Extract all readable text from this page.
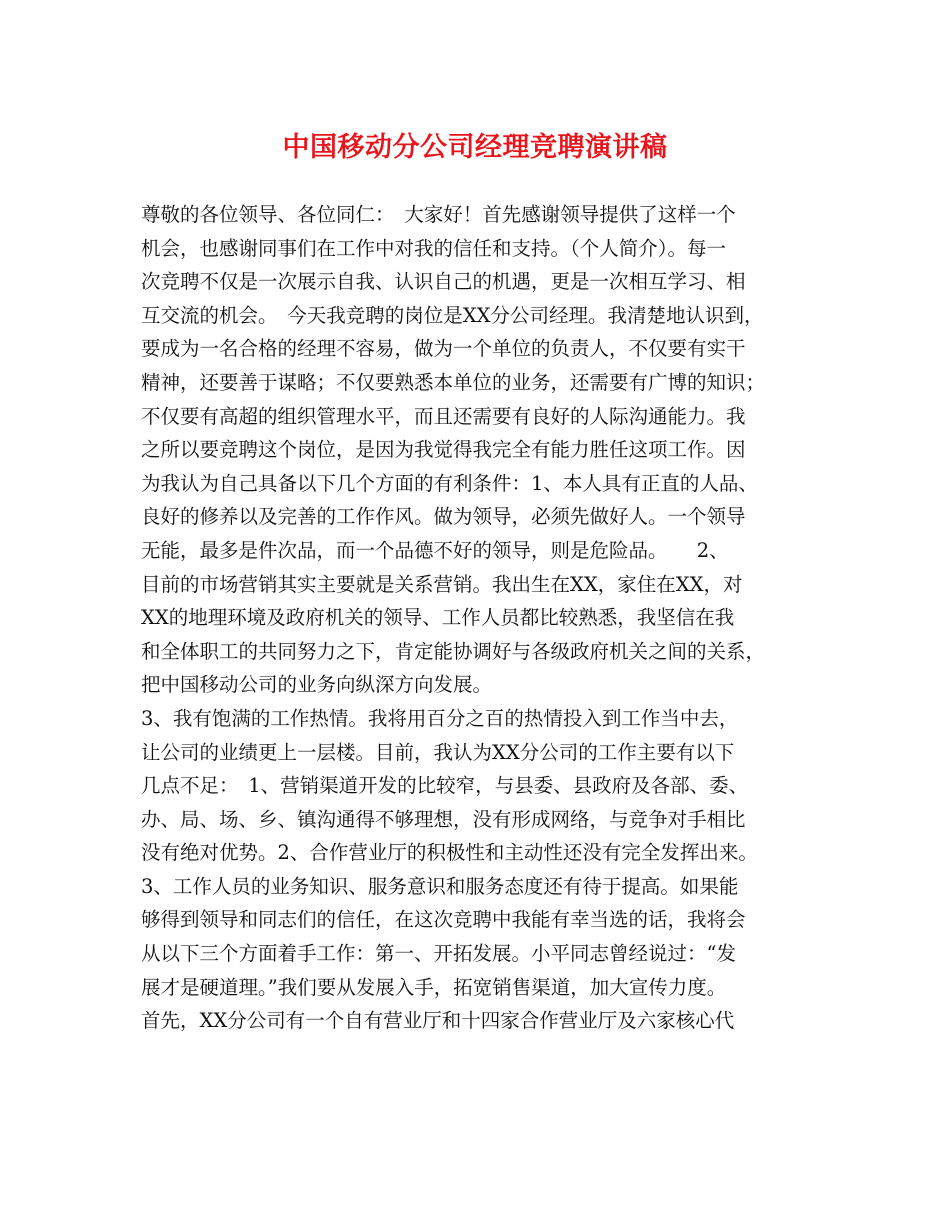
中国移动分公司经理竞聘演讲稿
尊敬的各位领导、各位同仁：　大家好！首先感谢领导提供了这样一个
机会，也感谢同事们在工作中对我的信任和支持。（个人简介）。每一
次竞聘不仅是一次展示自我、认识自己的机遇，更是一次相互学习、相
互交流的机会。　今天我竞聘的岗位是XX分公司经理。我清楚地认识到，
要成为一名合格的经理不容易，做为一个单位的负责人，不仅要有实干
精神，还要善于谋略；不仅要熟悉本单位的业务，还需要有广博的知识；
不仅要有高超的组织管理水平，而且还需要有良好的人际沟通能力。我
之所以要竞聘这个岗位，是因为我觉得我完全有能力胜任这项工作。因
为我认为自己具备以下几个方面的有利条件：1、本人具有正直的人品、
良好的修养以及完善的工作作风。做为领导，必须先做好人。一个领导
无能，最多是件次品，而一个品德不好的领导，则是危险品。　　2、
目前的市场营销其实主要就是关系营销。我出生在XX，家住在XX，对
XX的地理环境及政府机关的领导、工作人员都比较熟悉，我坚信在我
和全体职工的共同努力之下，肯定能协调好与各级政府机关之间的关系，
把中国移动公司的业务向纵深方向发展。
3、我有饱满的工作热情。我将用百分之百的热情投入到工作当中去，
让公司的业绩更上一层楼。目前，我认为XX分公司的工作主要有以下
几点不足：　1、营销渠道开发的比较窄，与县委、县政府及各部、委、
办、局、场、乡、镇沟通得不够理想，没有形成网络，与竞争对手相比
没有绝对优势。2、合作营业厅的积极性和主动性还没有完全发挥出来。
3、工作人员的业务知识、服务意识和服务态度还有待于提高。如果能
够得到领导和同志们的信任，在这次竞聘中我能有幸当选的话，我将会
从以下三个方面着手工作：第一、开拓发展。小平同志曾经说过：“发
展才是硬道理。”我们要从发展入手，拓宽销售渠道，加大宣传力度。
首先，XX分公司有一个自有营业厅和十四家合作营业厅及六家核心代
